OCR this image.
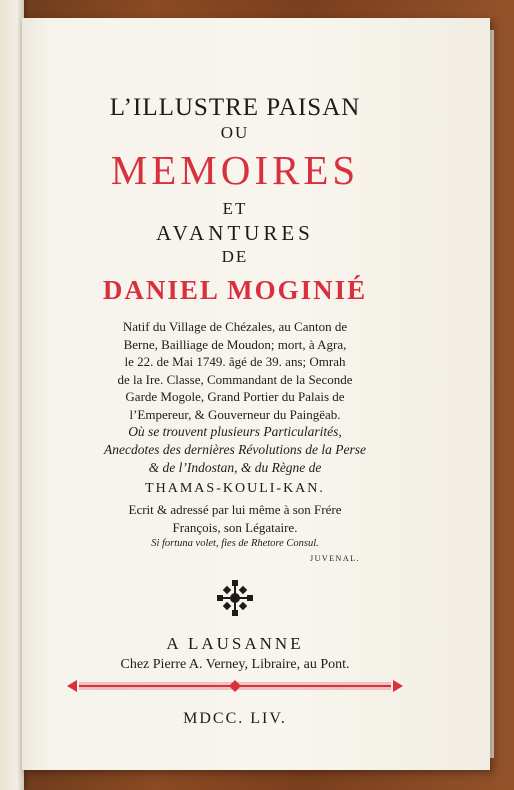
L’ILLUSTRE PAISAN

OU

MEMOIRES

ET

AVANTURES

DE

DANIEL MOGINIÉ

Natif du Village de Chézales, au Canton de

Berne, Bailliage de Moudon; mort, à Agra,

le 22. de Mai 1749. âgé de 39. ans; Omrah

de la Ire. Classe, Commandant de la Seconde

Garde Mogole, Grand Portier du Palais de

l’Empereur, & Gouverneur du Paingëab.

Où se trouvent plusieurs Particularités,

Anecdotes des dernières Révolutions de la Perse

& de l’Indostan, & du Règne de

THAMAS-KOULI-KAN.

Ecrit & adressé par lui même à son Frére

François, son Légataire.

Si fortuna volet, fies de Rhetore Consul.

JUVENAL.

A LAUSANNE

Chez Pierre A. Verney, Libraire, au Pont.

MDCC. LIV.
